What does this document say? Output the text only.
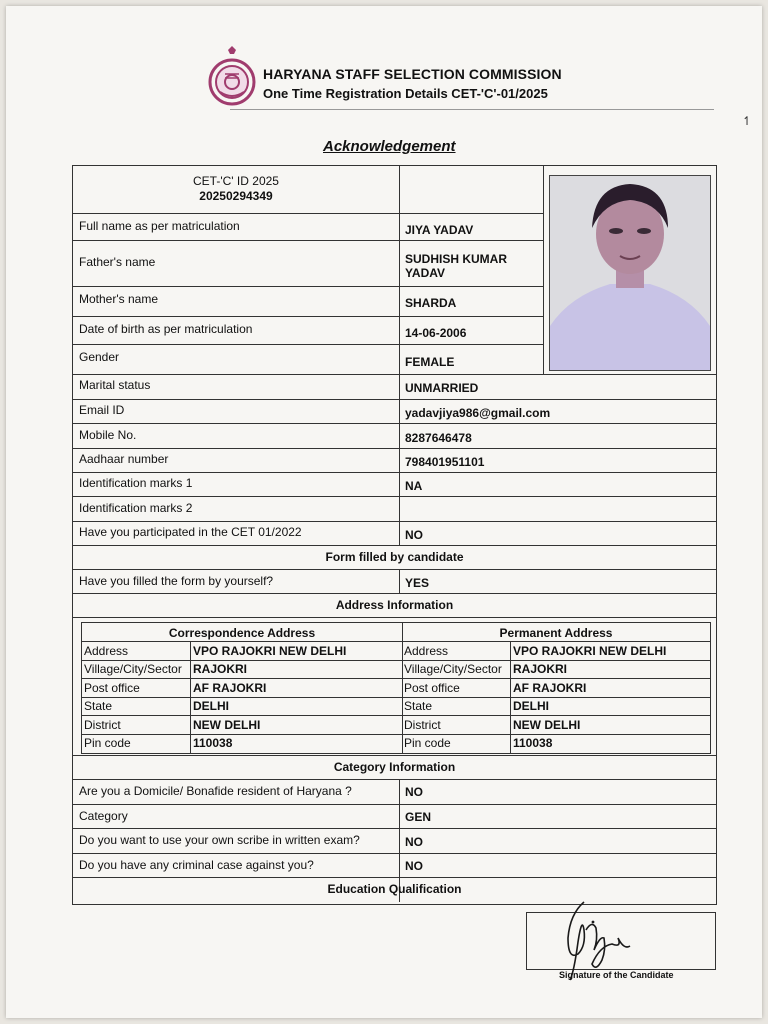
HARYANA STAFF SELECTION COMMISSION
One Time Registration Details CET-'C'-01/2025
↿
Acknowledgement
CET-'C' ID 2025
20250294349
Full name as per matriculation	JIYA YADAV
Father's name	SUDHISH KUMAR YADAV
Mother's name	SHARDA
Date of birth as per matriculation	14-06-2006
Gender	FEMALE
Marital status	UNMARRIED
Email ID	yadavjiya986@gmail.com
Mobile No.	8287646478
Aadhaar number	798401951101
Identification marks 1	NA
Identification marks 2
Have you participated in the CET 01/2022	NO
Form filled by candidate
Have you filled the form by yourself?	YES
Address Information
Correspondence Address	Permanent Address
Address	VPO RAJOKRI NEW DELHI	Address	VPO RAJOKRI NEW DELHI
Village/City/Sector RAJOKRI	Village/City/Sector RAJOKRI
Post office	AF RAJOKRI	Post office	AF RAJOKRI
State	DELHI	State	DELHI
District	NEW DELHI	District	NEW DELHI
Pin code	110038	Pin code	110038
Category Information
Are you a Domicile/ Bonafide resident of Haryana ?	NO
Category	GEN
Do you want to use your own scribe in written exam?	NO
Do you have any criminal case against you?	NO
Education Qualification
Signature of the Candidate
